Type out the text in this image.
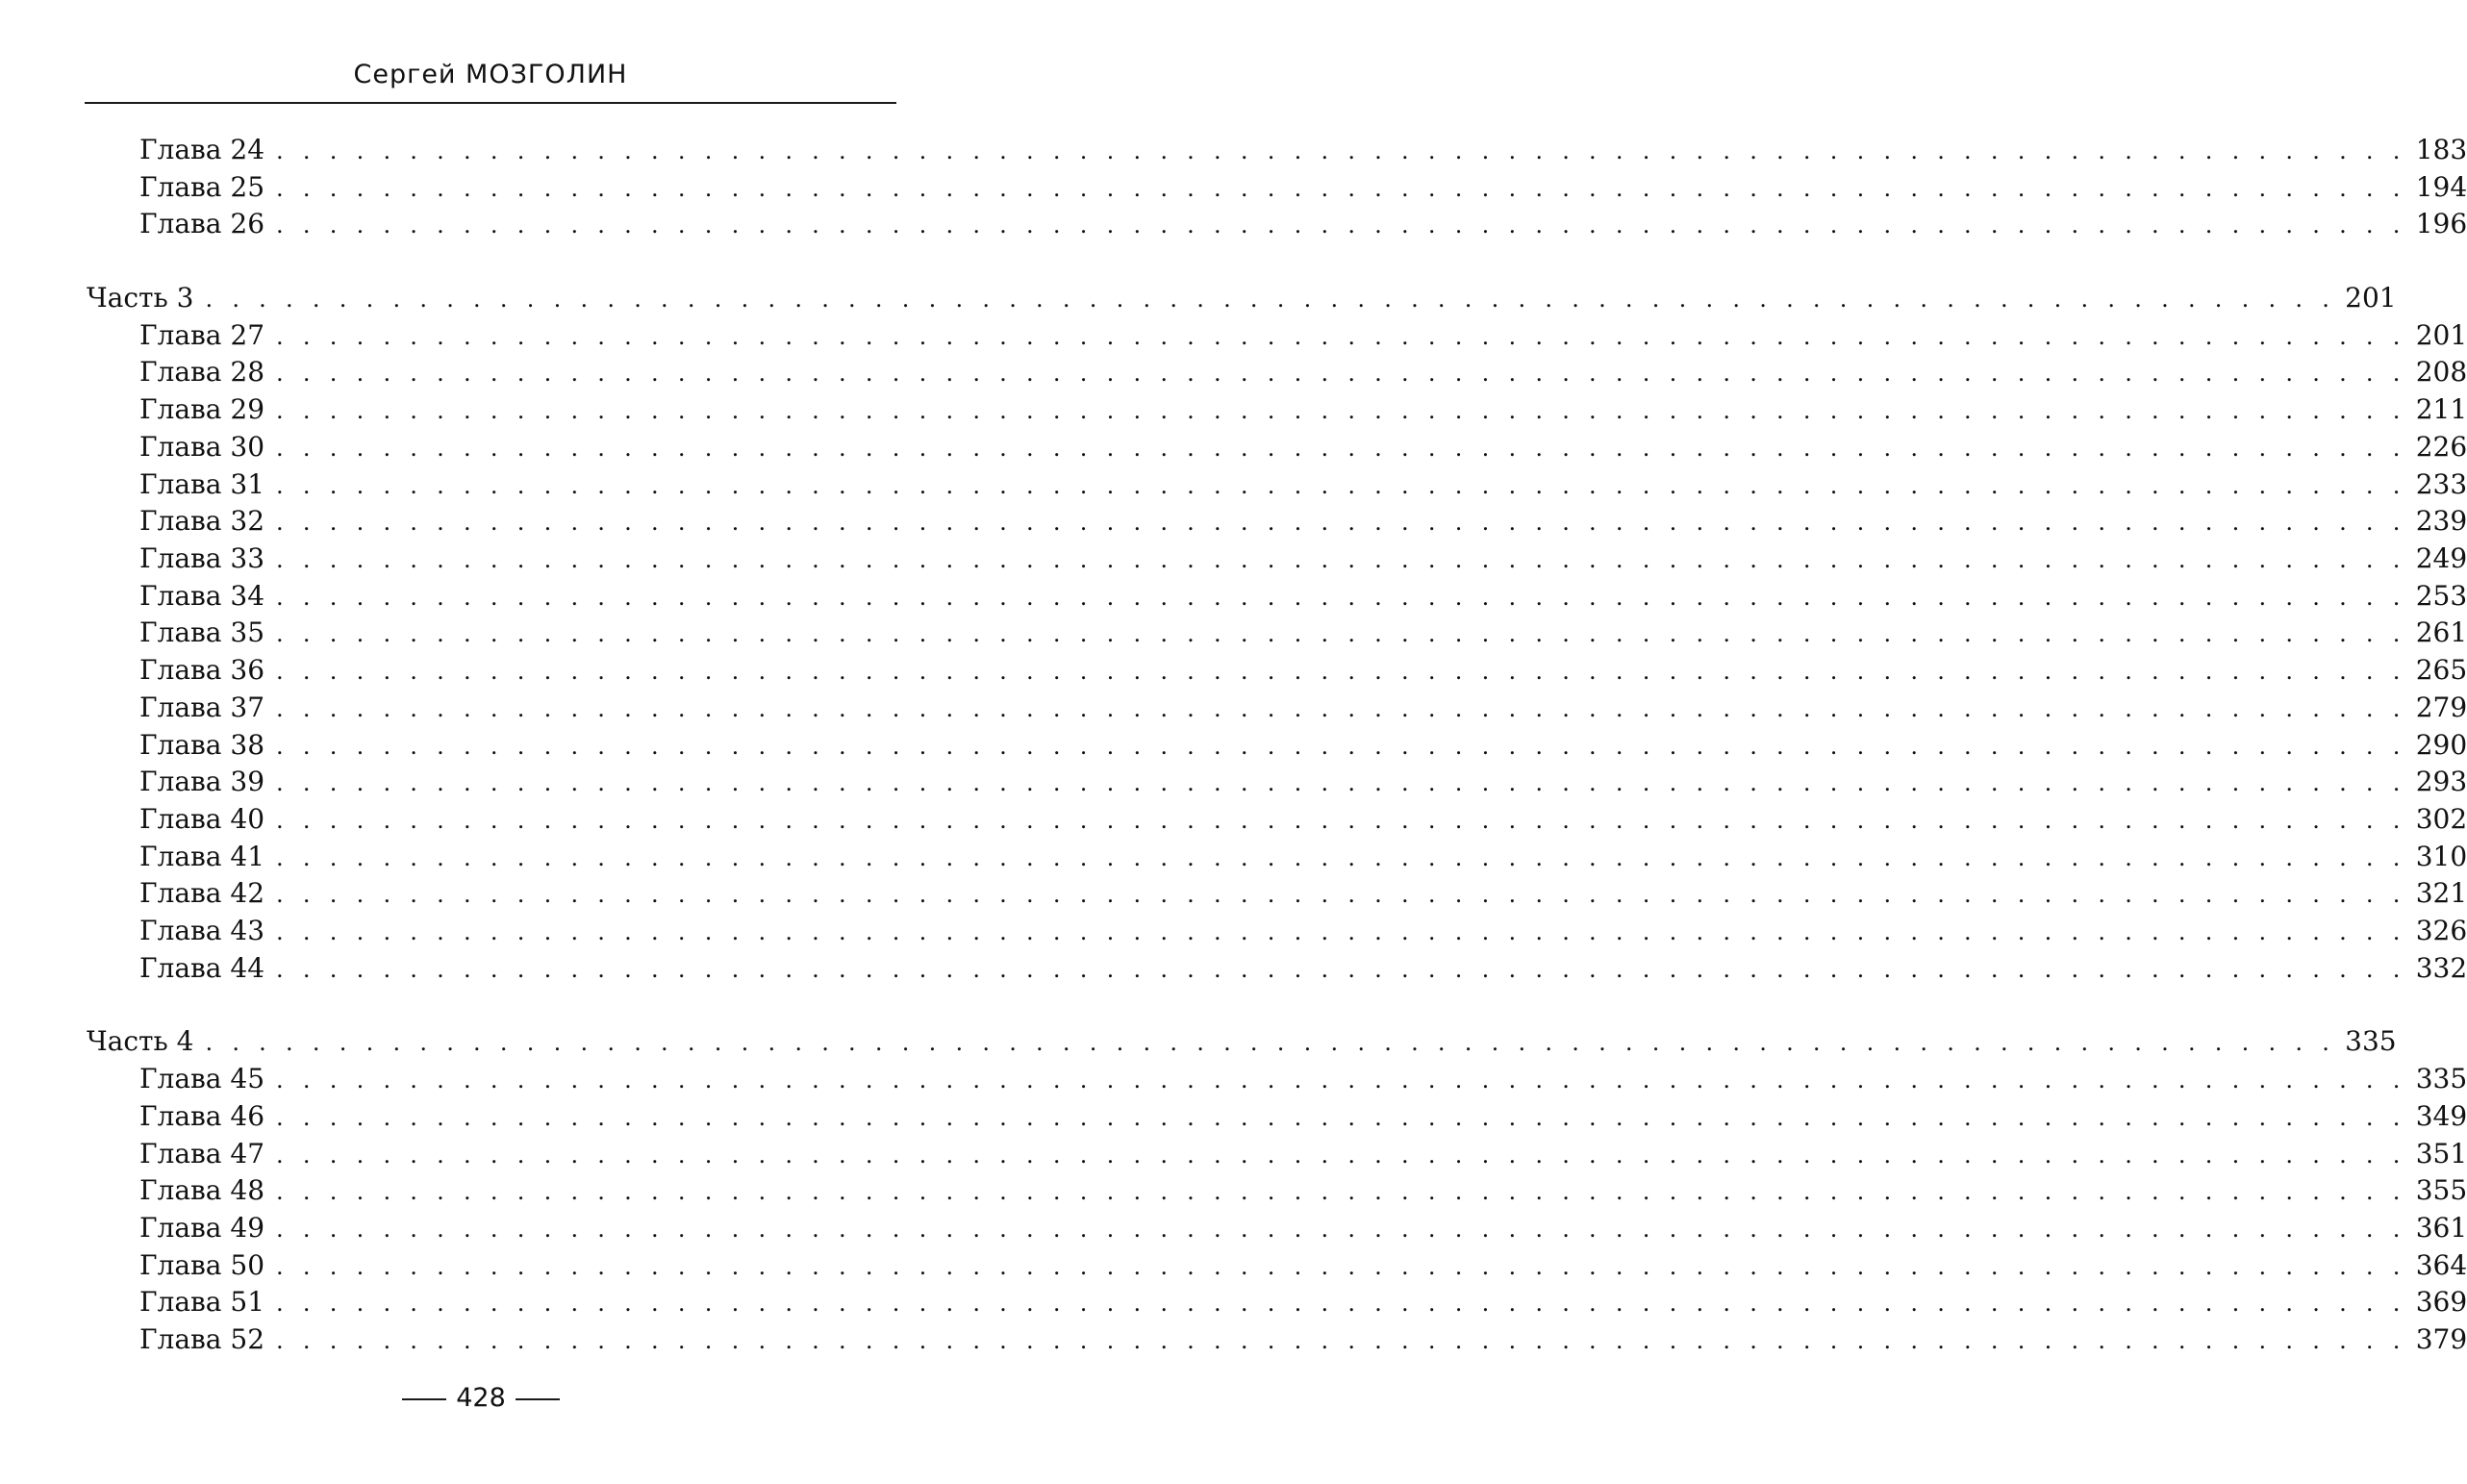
Сергей МОЗГОЛИН
Глава 24 . . . . . . . . . . . . . . . . . . . . . . . . . . . . . . . . . . . . . . . . . . . . . . . . . . . . . . . . . . . . . . . . . . . . . . . . . . . . . . . . 183
Глава 25 . . . . . . . . . . . . . . . . . . . . . . . . . . . . . . . . . . . . . . . . . . . . . . . . . . . . . . . . . . . . . . . . . . . . . . . . . . . . . . . . 194
Глава 26 . . . . . . . . . . . . . . . . . . . . . . . . . . . . . . . . . . . . . . . . . . . . . . . . . . . . . . . . . . . . . . . . . . . . . . . . . . . . . . . . 196
Часть 3 . . . . . . . . . . . . . . . . . . . . . . . . . . . . . . . . . . . . . . . . . . . . . . . . . . . . . . . . . . . . . . . . . . . . . . . . . . . . . . . . 201
Глава 27 . . . . . . . . . . . . . . . . . . . . . . . . . . . . . . . . . . . . . . . . . . . . . . . . . . . . . . . . . . . . . . . . . . . . . . . . . . . . . . . . 201
Глава 28 . . . . . . . . . . . . . . . . . . . . . . . . . . . . . . . . . . . . . . . . . . . . . . . . . . . . . . . . . . . . . . . . . . . . . . . . . . . . . . . . 208
Глава 29 . . . . . . . . . . . . . . . . . . . . . . . . . . . . . . . . . . . . . . . . . . . . . . . . . . . . . . . . . . . . . . . . . . . . . . . . . . . . . . . . 211
Глава 30 . . . . . . . . . . . . . . . . . . . . . . . . . . . . . . . . . . . . . . . . . . . . . . . . . . . . . . . . . . . . . . . . . . . . . . . . . . . . . . . . 226
Глава 31 . . . . . . . . . . . . . . . . . . . . . . . . . . . . . . . . . . . . . . . . . . . . . . . . . . . . . . . . . . . . . . . . . . . . . . . . . . . . . . . . 233
Глава 32 . . . . . . . . . . . . . . . . . . . . . . . . . . . . . . . . . . . . . . . . . . . . . . . . . . . . . . . . . . . . . . . . . . . . . . . . . . . . . . . . 239
Глава 33 . . . . . . . . . . . . . . . . . . . . . . . . . . . . . . . . . . . . . . . . . . . . . . . . . . . . . . . . . . . . . . . . . . . . . . . . . . . . . . . . 249
Глава 34 . . . . . . . . . . . . . . . . . . . . . . . . . . . . . . . . . . . . . . . . . . . . . . . . . . . . . . . . . . . . . . . . . . . . . . . . . . . . . . . . 253
Глава 35 . . . . . . . . . . . . . . . . . . . . . . . . . . . . . . . . . . . . . . . . . . . . . . . . . . . . . . . . . . . . . . . . . . . . . . . . . . . . . . . . 261
Глава 36 . . . . . . . . . . . . . . . . . . . . . . . . . . . . . . . . . . . . . . . . . . . . . . . . . . . . . . . . . . . . . . . . . . . . . . . . . . . . . . . . 265
Глава 37 . . . . . . . . . . . . . . . . . . . . . . . . . . . . . . . . . . . . . . . . . . . . . . . . . . . . . . . . . . . . . . . . . . . . . . . . . . . . . . . . 279
Глава 38 . . . . . . . . . . . . . . . . . . . . . . . . . . . . . . . . . . . . . . . . . . . . . . . . . . . . . . . . . . . . . . . . . . . . . . . . . . . . . . . . 290
Глава 39 . . . . . . . . . . . . . . . . . . . . . . . . . . . . . . . . . . . . . . . . . . . . . . . . . . . . . . . . . . . . . . . . . . . . . . . . . . . . . . . . 293
Глава 40 . . . . . . . . . . . . . . . . . . . . . . . . . . . . . . . . . . . . . . . . . . . . . . . . . . . . . . . . . . . . . . . . . . . . . . . . . . . . . . . . 302
Глава 41 . . . . . . . . . . . . . . . . . . . . . . . . . . . . . . . . . . . . . . . . . . . . . . . . . . . . . . . . . . . . . . . . . . . . . . . . . . . . . . . . 310
Глава 42 . . . . . . . . . . . . . . . . . . . . . . . . . . . . . . . . . . . . . . . . . . . . . . . . . . . . . . . . . . . . . . . . . . . . . . . . . . . . . . . . 321
Глава 43 . . . . . . . . . . . . . . . . . . . . . . . . . . . . . . . . . . . . . . . . . . . . . . . . . . . . . . . . . . . . . . . . . . . . . . . . . . . . . . . . 326
Глава 44 . . . . . . . . . . . . . . . . . . . . . . . . . . . . . . . . . . . . . . . . . . . . . . . . . . . . . . . . . . . . . . . . . . . . . . . . . . . . . . . . 332
Часть 4 . . . . . . . . . . . . . . . . . . . . . . . . . . . . . . . . . . . . . . . . . . . . . . . . . . . . . . . . . . . . . . . . . . . . . . . . . . . . . . . . 335
Глава 45 . . . . . . . . . . . . . . . . . . . . . . . . . . . . . . . . . . . . . . . . . . . . . . . . . . . . . . . . . . . . . . . . . . . . . . . . . . . . . . . . 335
Глава 46 . . . . . . . . . . . . . . . . . . . . . . . . . . . . . . . . . . . . . . . . . . . . . . . . . . . . . . . . . . . . . . . . . . . . . . . . . . . . . . . . 349
Глава 47 . . . . . . . . . . . . . . . . . . . . . . . . . . . . . . . . . . . . . . . . . . . . . . . . . . . . . . . . . . . . . . . . . . . . . . . . . . . . . . . . 351
Глава 48 . . . . . . . . . . . . . . . . . . . . . . . . . . . . . . . . . . . . . . . . . . . . . . . . . . . . . . . . . . . . . . . . . . . . . . . . . . . . . . . . 355
Глава 49 . . . . . . . . . . . . . . . . . . . . . . . . . . . . . . . . . . . . . . . . . . . . . . . . . . . . . . . . . . . . . . . . . . . . . . . . . . . . . . . . 361
Глава 50 . . . . . . . . . . . . . . . . . . . . . . . . . . . . . . . . . . . . . . . . . . . . . . . . . . . . . . . . . . . . . . . . . . . . . . . . . . . . . . . . 364
Глава 51 . . . . . . . . . . . . . . . . . . . . . . . . . . . . . . . . . . . . . . . . . . . . . . . . . . . . . . . . . . . . . . . . . . . . . . . . . . . . . . . . 369
Глава 52 . . . . . . . . . . . . . . . . . . . . . . . . . . . . . . . . . . . . . . . . . . . . . . . . . . . . . . . . . . . . . . . . . . . . . . . . . . . . . . . . 379
428
